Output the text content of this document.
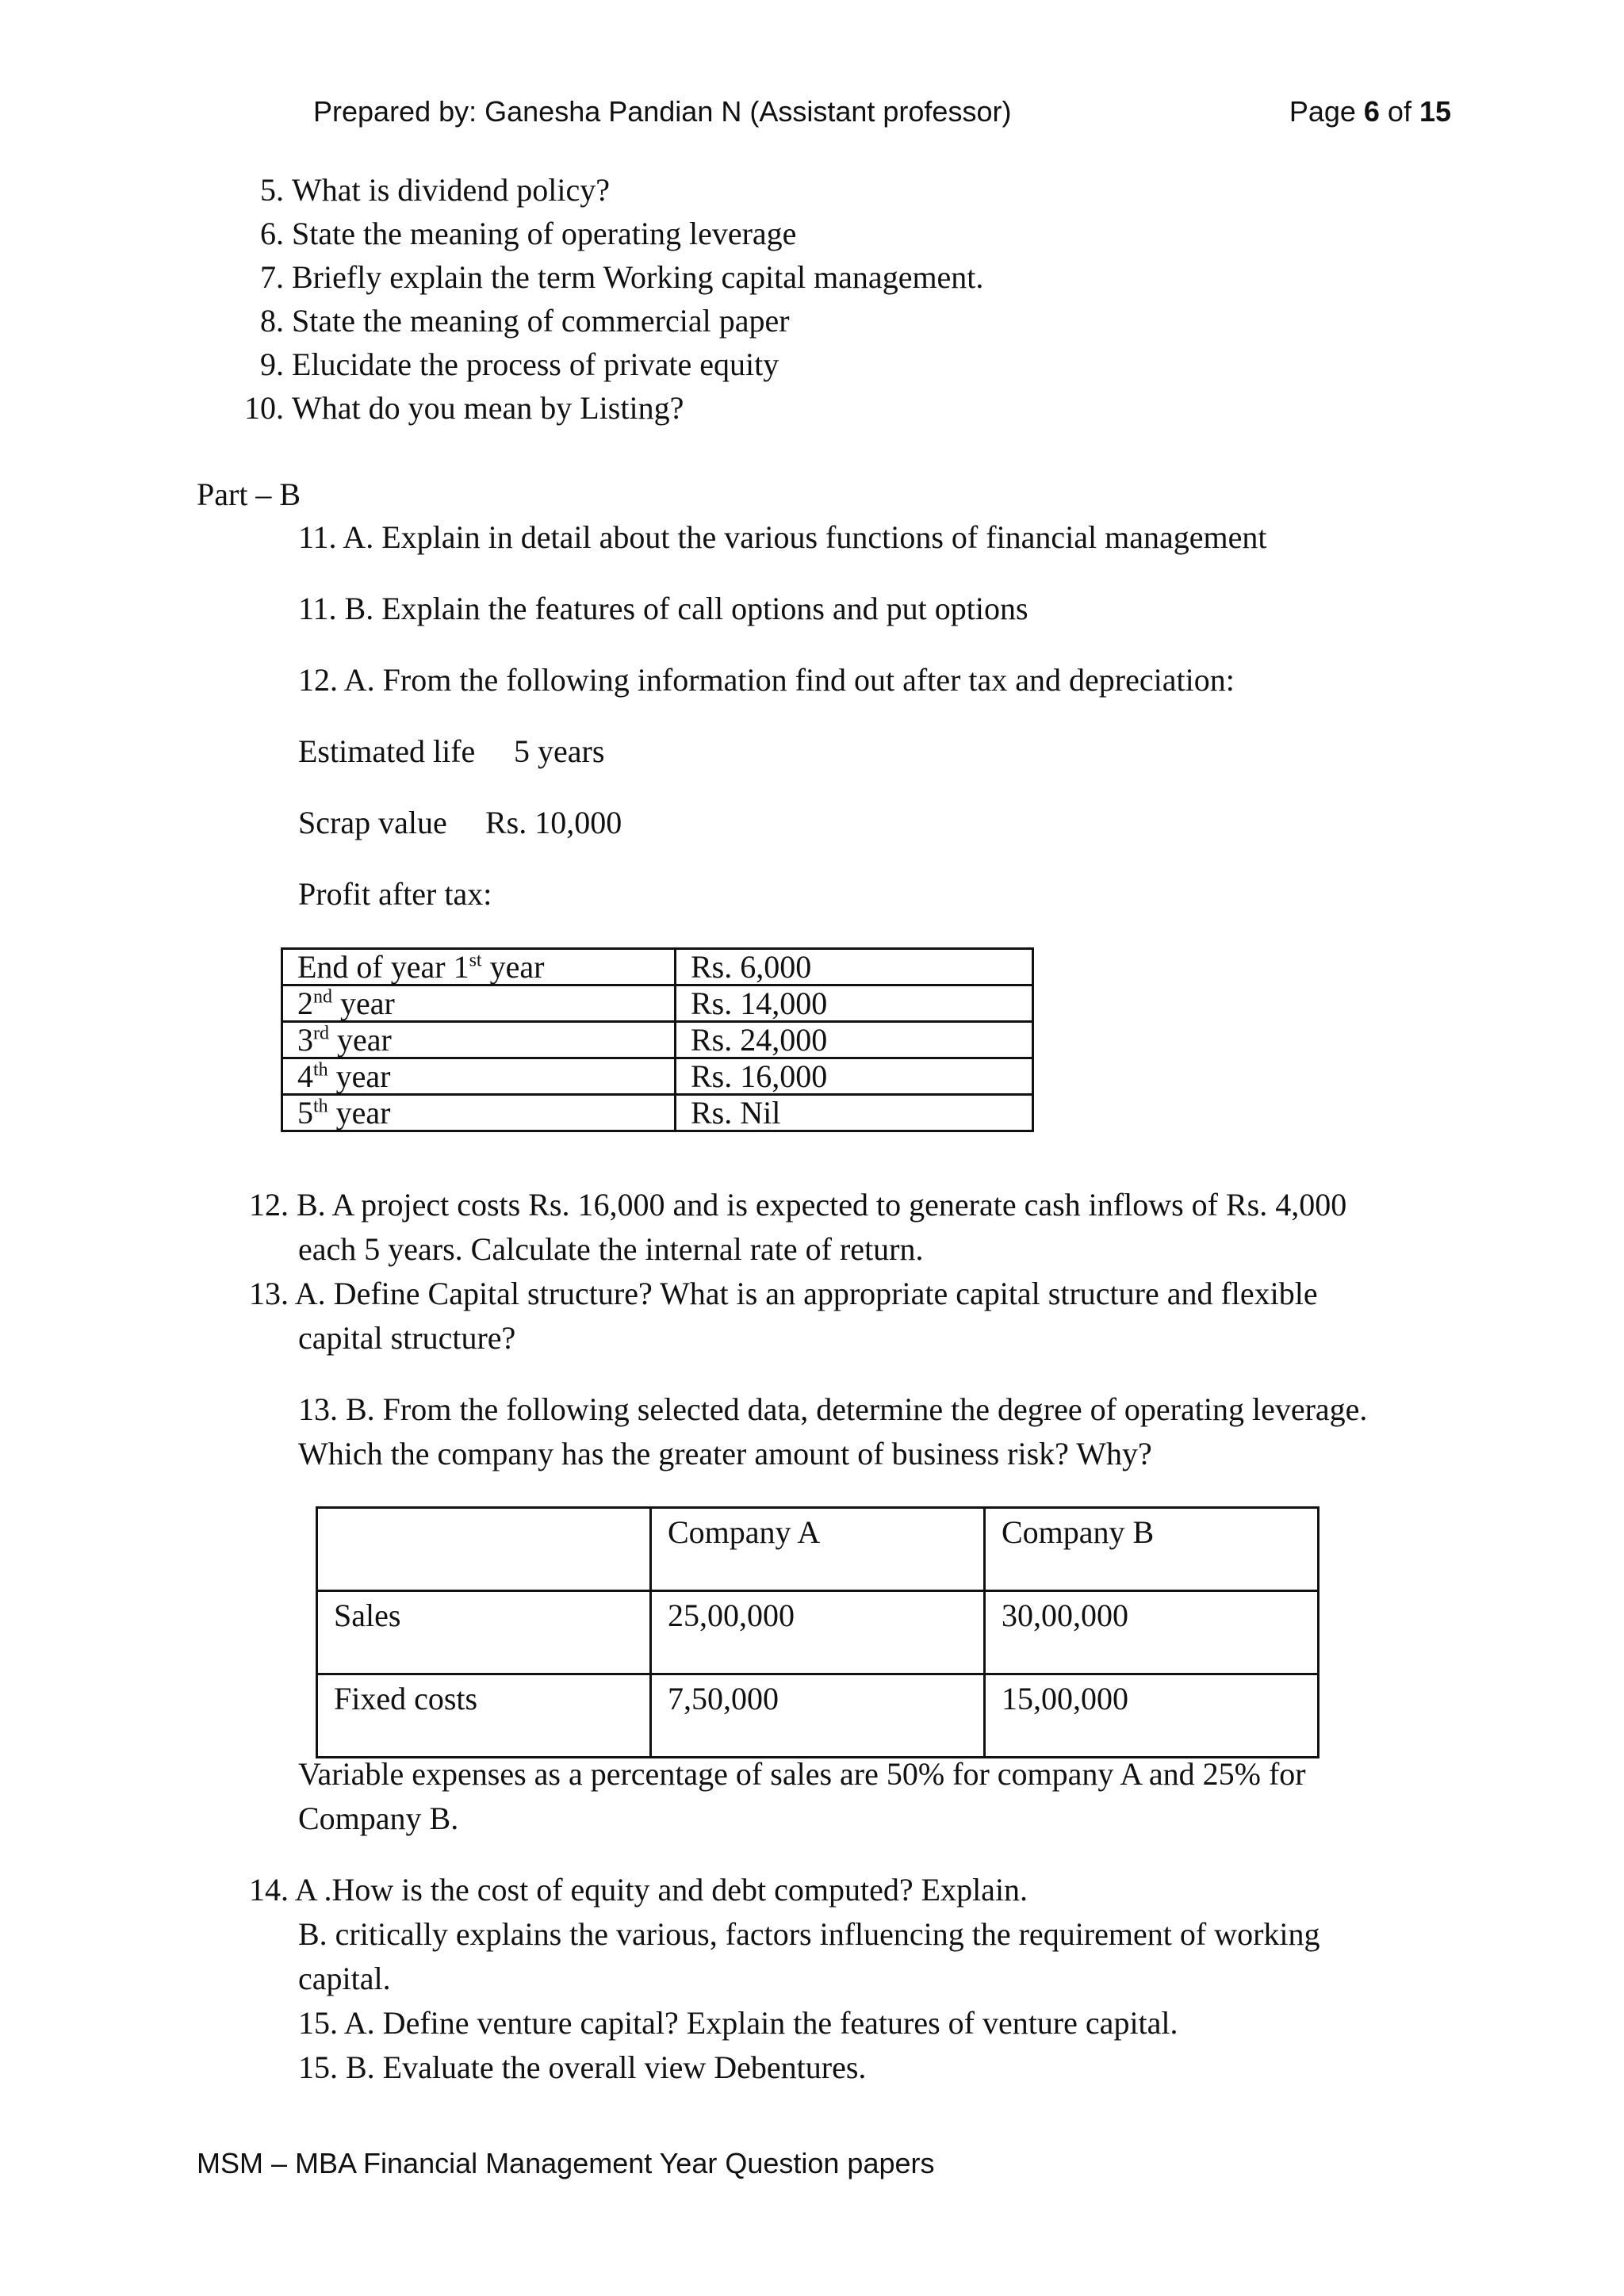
Prepared by: Ganesha Pandian N (Assistant professor)	Page 6 of 15
5. What is dividend policy?
6. State the meaning of operating leverage
7. Briefly explain the term Working capital management.
8. State the meaning of commercial paper
9. Elucidate the process of private equity
10. What do you mean by Listing?
Part – B
11. A. Explain in detail about the various functions of financial management
11. B. Explain the features of call options and put options
12. A. From the following information find out after tax and depreciation:
Estimated life 5 years
Scrap value Rs. 10,000
Profit after tax:
End of year 1st year	Rs. 6,000
2nd year	Rs. 14,000
3rd year	Rs. 24,000
4th year	Rs. 16,000
5th year	Rs. Nil
12. B. A project costs Rs. 16,000 and is expected to generate cash inflows of Rs. 4,000
each 5 years. Calculate the internal rate of return.
13. A. Define Capital structure? What is an appropriate capital structure and flexible
capital structure?
13. B. From the following selected data, determine the degree of operating leverage.
Which the company has the greater amount of business risk? Why?
	Company A	Company B
Sales	25,00,000	30,00,000
Fixed costs	7,50,000	15,00,000
Variable expenses as a percentage of sales are 50% for company A and 25% for
Company B.
14. A .How is the cost of equity and debt computed? Explain.
B. critically explains the various, factors influencing the requirement of working
capital.
15. A. Define venture capital? Explain the features of venture capital.
15. B. Evaluate the overall view Debentures.
MSM – MBA Financial Management Year Question papers
